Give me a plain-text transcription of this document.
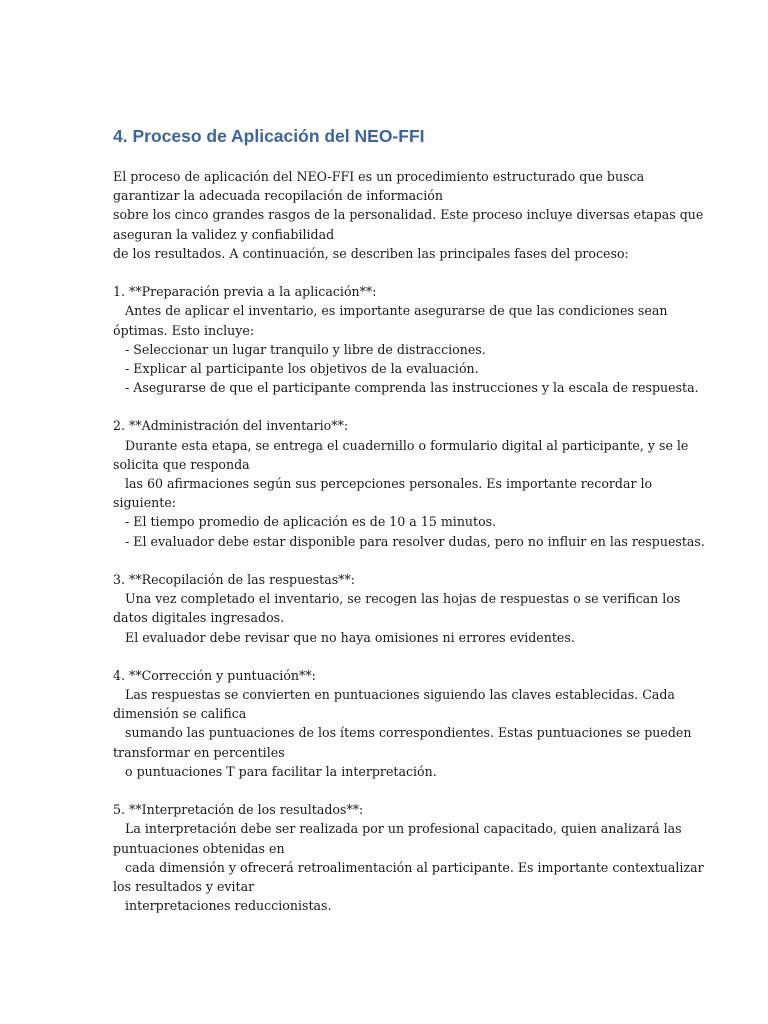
4. Proceso de Aplicación del NEO-FFI
El proceso de aplicación del NEO-FFI es un procedimiento estructurado que busca
garantizar la adecuada recopilación de información
sobre los cinco grandes rasgos de la personalidad. Este proceso incluye diversas etapas que
aseguran la validez y confiabilidad
de los resultados. A continuación, se describen las principales fases del proceso:
1. **Preparación previa a la aplicación**:
Antes de aplicar el inventario, es importante asegurarse de que las condiciones sean
óptimas. Esto incluye:
- Seleccionar un lugar tranquilo y libre de distracciones.
- Explicar al participante los objetivos de la evaluación.
- Asegurarse de que el participante comprenda las instrucciones y la escala de respuesta.
2. **Administración del inventario**:
Durante esta etapa, se entrega el cuadernillo o formulario digital al participante, y se le
solicita que responda
las 60 afirmaciones según sus percepciones personales. Es importante recordar lo
siguiente:
- El tiempo promedio de aplicación es de 10 a 15 minutos.
- El evaluador debe estar disponible para resolver dudas, pero no influir en las respuestas.
3. **Recopilación de las respuestas**:
Una vez completado el inventario, se recogen las hojas de respuestas o se verifican los
datos digitales ingresados.
El evaluador debe revisar que no haya omisiones ni errores evidentes.
4. **Corrección y puntuación**:
Las respuestas se convierten en puntuaciones siguiendo las claves establecidas. Cada
dimensión se califica
sumando las puntuaciones de los ítems correspondientes. Estas puntuaciones se pueden
transformar en percentiles
o puntuaciones T para facilitar la interpretación.
5. **Interpretación de los resultados**:
La interpretación debe ser realizada por un profesional capacitado, quien analizará las
puntuaciones obtenidas en
cada dimensión y ofrecerá retroalimentación al participante. Es importante contextualizar
los resultados y evitar
interpretaciones reduccionistas.
